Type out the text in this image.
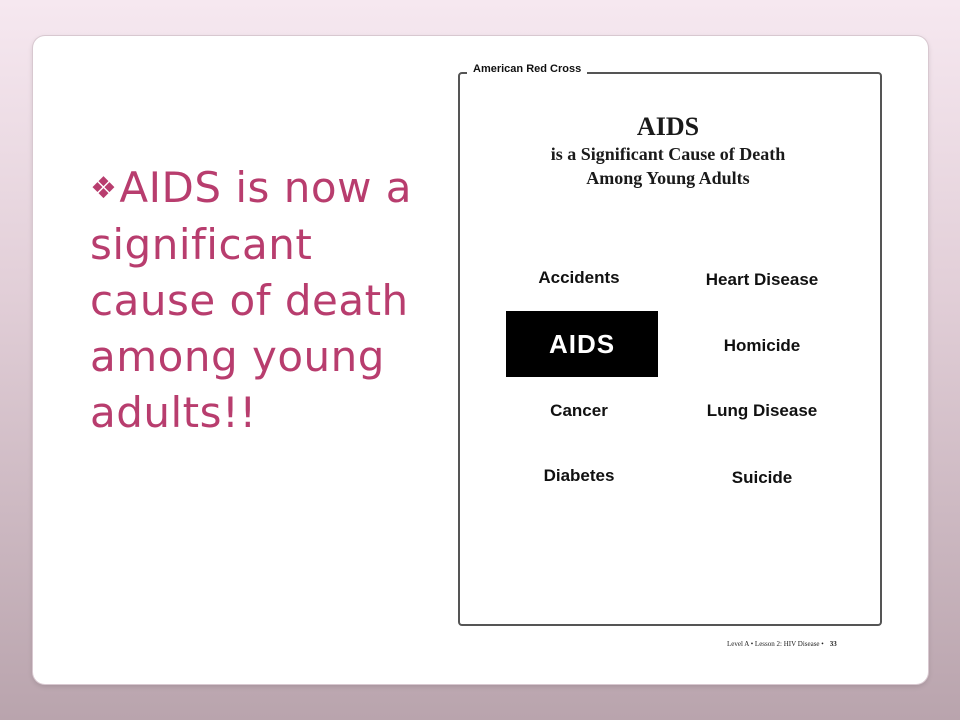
❖AIDS is now a significant cause of death among young adults!!
American Red Cross
AIDS
is a Significant Cause of Death
Among Young Adults
Accidents
AIDS
Cancer
Diabetes
Heart Disease
Homicide
Lung Disease
Suicide
Level A • Lesson 2: HIV Disease • 33
